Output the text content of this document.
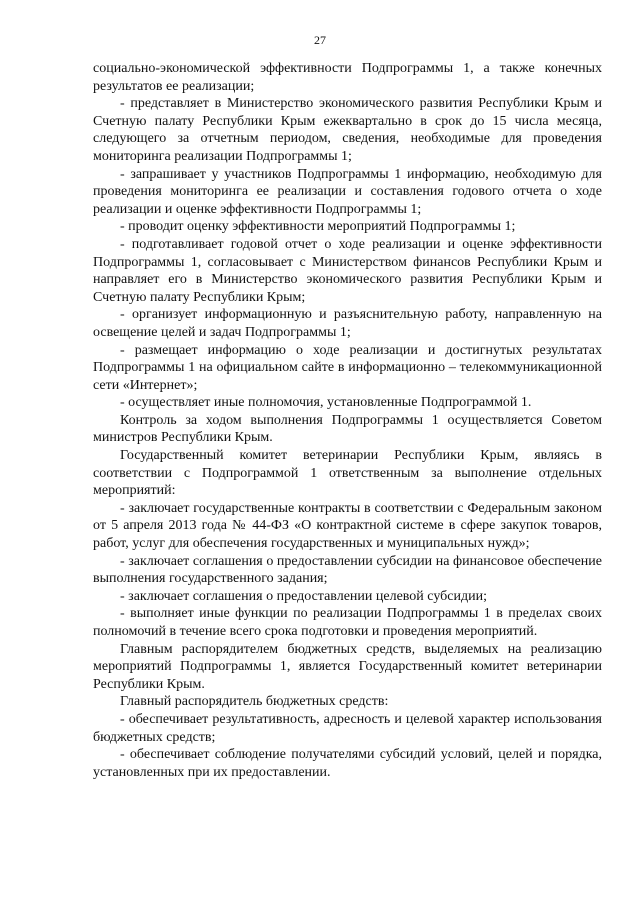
27

социально-экономической эффективности Подпрограммы 1, а также конечных результатов ее реализации;

- представляет в Министерство экономического развития Республики Крым и Счетную палату Республики Крым ежеквартально в срок до 15 числа месяца, следующего за отчетным периодом, сведения, необходимые для проведения мониторинга реализации Подпрограммы 1;

- запрашивает у участников Подпрограммы 1 информацию, необходимую для проведения мониторинга ее реализации и составления годового отчета о ходе реализации и оценке эффективности Подпрограммы 1;

- проводит оценку эффективности мероприятий Подпрограммы 1;

- подготавливает годовой отчет о ходе реализации и оценке эффективности Подпрограммы 1, согласовывает с Министерством финансов Республики Крым и направляет его в Министерство экономического развития Республики Крым и Счетную палату Республики Крым;

- организует информационную и разъяснительную работу, направленную на освещение целей и задач Подпрограммы 1;

- размещает информацию о ходе реализации и достигнутых результатах Подпрограммы 1 на официальном сайте в информационно – телекоммуникационной сети «Интернет»;

- осуществляет иные полномочия, установленные Подпрограммой 1.

Контроль за ходом выполнения Подпрограммы 1 осуществляется Советом министров Республики Крым.

Государственный комитет ветеринарии Республики Крым, являясь в соответствии с Подпрограммой 1 ответственным за выполнение отдельных мероприятий:

- заключает государственные контракты в соответствии с Федеральным законом от 5 апреля 2013 года № 44-ФЗ «О контрактной системе в сфере закупок товаров, работ, услуг для обеспечения государственных и муниципальных нужд»;

- заключает соглашения о предоставлении субсидии на финансовое обеспечение выполнения государственного задания;

- заключает соглашения о предоставлении целевой субсидии;

- выполняет иные функции по реализации Подпрограммы 1 в пределах своих полномочий в течение всего срока подготовки и проведения мероприятий.

Главным распорядителем бюджетных средств, выделяемых на реализацию мероприятий Подпрограммы 1, является Государственный комитет ветеринарии Республики Крым.

Главный распорядитель бюджетных средств:

- обеспечивает результативность, адресность и целевой характер использования бюджетных средств;

- обеспечивает соблюдение получателями субсидий условий, целей и порядка, установленных при их предоставлении.
